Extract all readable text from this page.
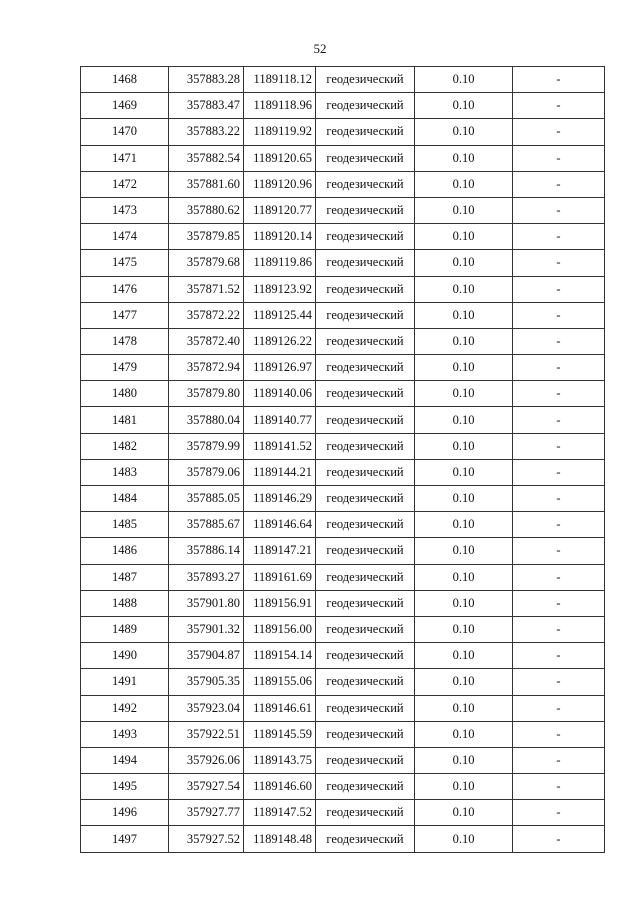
52
1468	357883.28	1189118.12	геодезический	0.10	-
1469	357883.47	1189118.96	геодезический	0.10	-
1470	357883.22	1189119.92	геодезический	0.10	-
1471	357882.54	1189120.65	геодезический	0.10	-
1472	357881.60	1189120.96	геодезический	0.10	-
1473	357880.62	1189120.77	геодезический	0.10	-
1474	357879.85	1189120.14	геодезический	0.10	-
1475	357879.68	1189119.86	геодезический	0.10	-
1476	357871.52	1189123.92	геодезический	0.10	-
1477	357872.22	1189125.44	геодезический	0.10	-
1478	357872.40	1189126.22	геодезический	0.10	-
1479	357872.94	1189126.97	геодезический	0.10	-
1480	357879.80	1189140.06	геодезический	0.10	-
1481	357880.04	1189140.77	геодезический	0.10	-
1482	357879.99	1189141.52	геодезический	0.10	-
1483	357879.06	1189144.21	геодезический	0.10	-
1484	357885.05	1189146.29	геодезический	0.10	-
1485	357885.67	1189146.64	геодезический	0.10	-
1486	357886.14	1189147.21	геодезический	0.10	-
1487	357893.27	1189161.69	геодезический	0.10	-
1488	357901.80	1189156.91	геодезический	0.10	-
1489	357901.32	1189156.00	геодезический	0.10	-
1490	357904.87	1189154.14	геодезический	0.10	-
1491	357905.35	1189155.06	геодезический	0.10	-
1492	357923.04	1189146.61	геодезический	0.10	-
1493	357922.51	1189145.59	геодезический	0.10	-
1494	357926.06	1189143.75	геодезический	0.10	-
1495	357927.54	1189146.60	геодезический	0.10	-
1496	357927.77	1189147.52	геодезический	0.10	-
1497	357927.52	1189148.48	геодезический	0.10	-
